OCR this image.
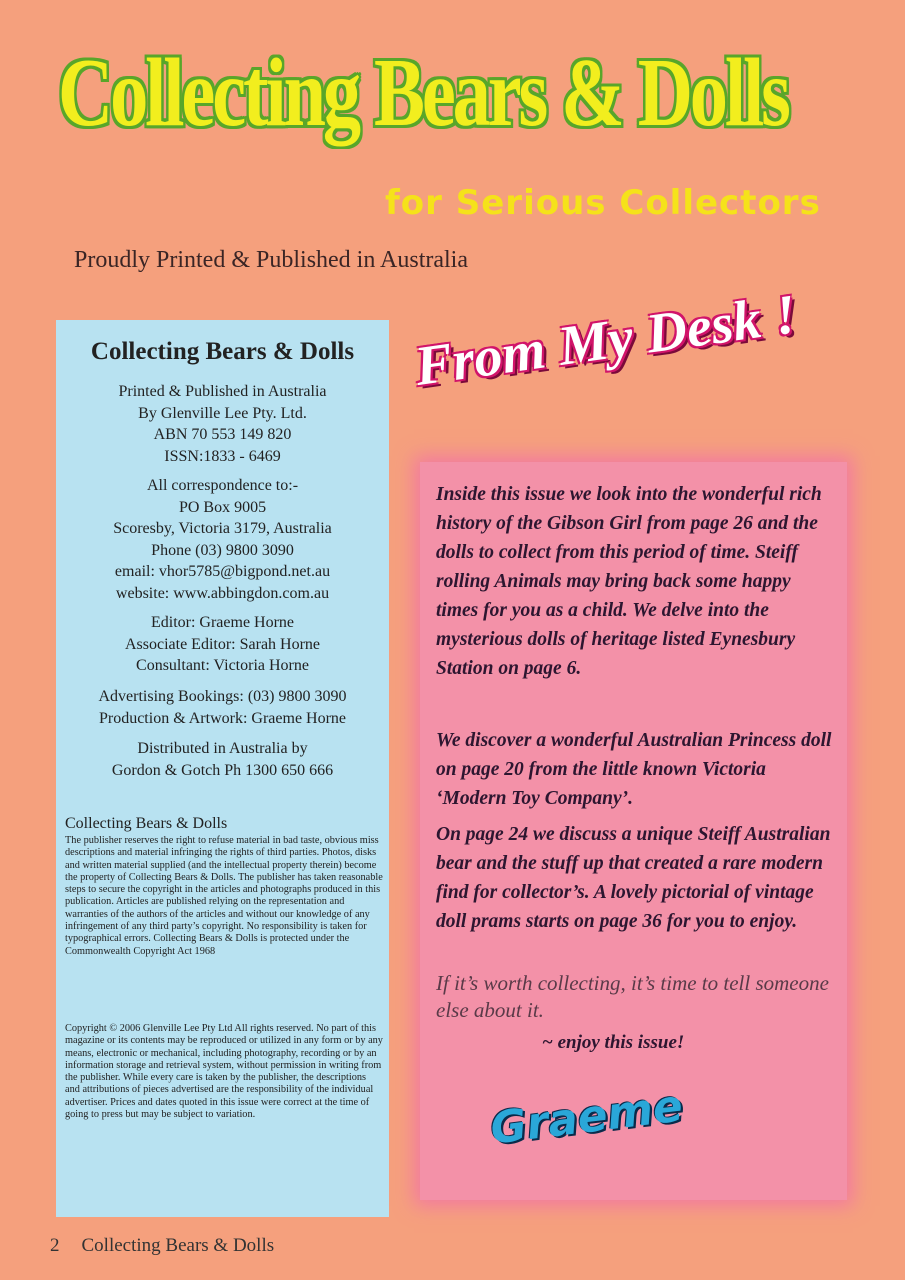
Collecting Bears & Dolls
for Serious Collectors
Proudly Printed & Published in Australia
Collecting Bears & Dolls
Printed & Published in Australia
By Glenville Lee Pty. Ltd.
ABN 70 553 149 820
ISSN:1833 - 6469
All correspondence to:-
PO Box 9005
Scoresby, Victoria 3179, Australia
Phone (03) 9800 3090
email: vhor5785@bigpond.net.au
website: www.abbingdon.com.au
Editor: Graeme Horne
Associate Editor: Sarah Horne
Consultant: Victoria Horne
Advertising Bookings: (03) 9800 3090
Production & Artwork: Graeme Horne
Distributed in Australia by
Gordon & Gotch Ph 1300 650 666
Collecting Bears & Dolls
The publisher reserves the right to refuse material in bad taste, obvious miss descriptions and material infringing the rights of third parties. Photos, disks and written material supplied (and the intellectual property therein) become the property of Collecting Bears & Dolls. The publisher has taken reasonable steps to secure the copyright in the articles and photographs produced in this publication. Articles are published relying on the representation and warranties of the authors of the articles and without our knowledge of any infringement of any third party’s copyright. No responsibility is taken for typographical errors. Collecting Bears & Dolls is protected under the Commonwealth Copyright Act 1968
Copyright © 2006 Glenville Lee Pty Ltd All rights reserved. No part of this magazine or its contents may be reproduced or utilized in any form or by any means, electronic or mechanical, including photography, recording or by an information storage and retrieval system, without permission in writing from the publisher. While every care is taken by the publisher, the descriptions and attributions of pieces advertised are the responsibility of the individual advertiser. Prices and dates quoted in this issue were correct at the time of going to press but may be subject to variation.
From My Desk !
Inside this issue we look into the wonderful rich history of the Gibson Girl from page 26 and the dolls to collect from this period of time. Steiff rolling Animals may bring back some happy times for you as a child. We delve into the mysterious dolls of heritage listed Eynesbury Station on page 6.
We discover a wonderful Australian Princess doll on page 20 from the little known Victoria ‘Modern Toy Company’.
On page 24 we discuss a unique Steiff Australian bear and the stuff up that created a rare modern find for collector’s. A lovely pictorial of vintage doll prams starts on page 36 for you to enjoy.
If it’s worth collecting, it’s time to tell someone else about it.
~ enjoy this issue!
Graeme
2 Collecting Bears & Dolls
